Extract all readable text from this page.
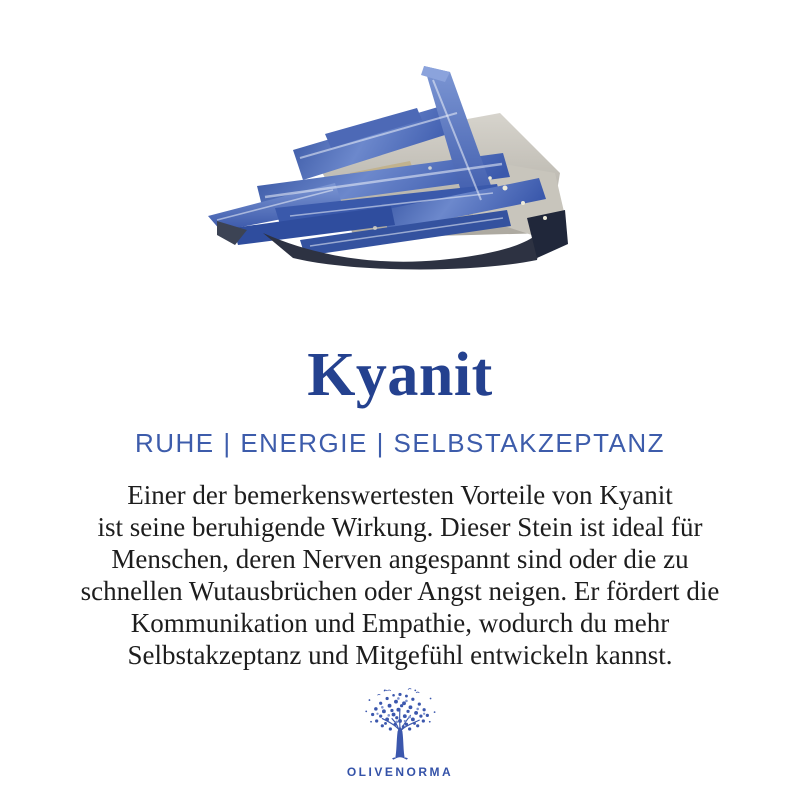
Kyanit
RUHE | ENERGIE | SELBSTAKZEPTANZ
Einer der bemerkenswertesten Vorteile von Kyanit
ist seine beruhigende Wirkung. Dieser Stein ist ideal für
Menschen, deren Nerven angespannt sind oder die zu
schnellen Wutausbrüchen oder Angst neigen. Er fördert die
Kommunikation und Empathie, wodurch du mehr
Selbstakzeptanz und Mitgefühl entwickeln kannst.
OLIVENORMA
